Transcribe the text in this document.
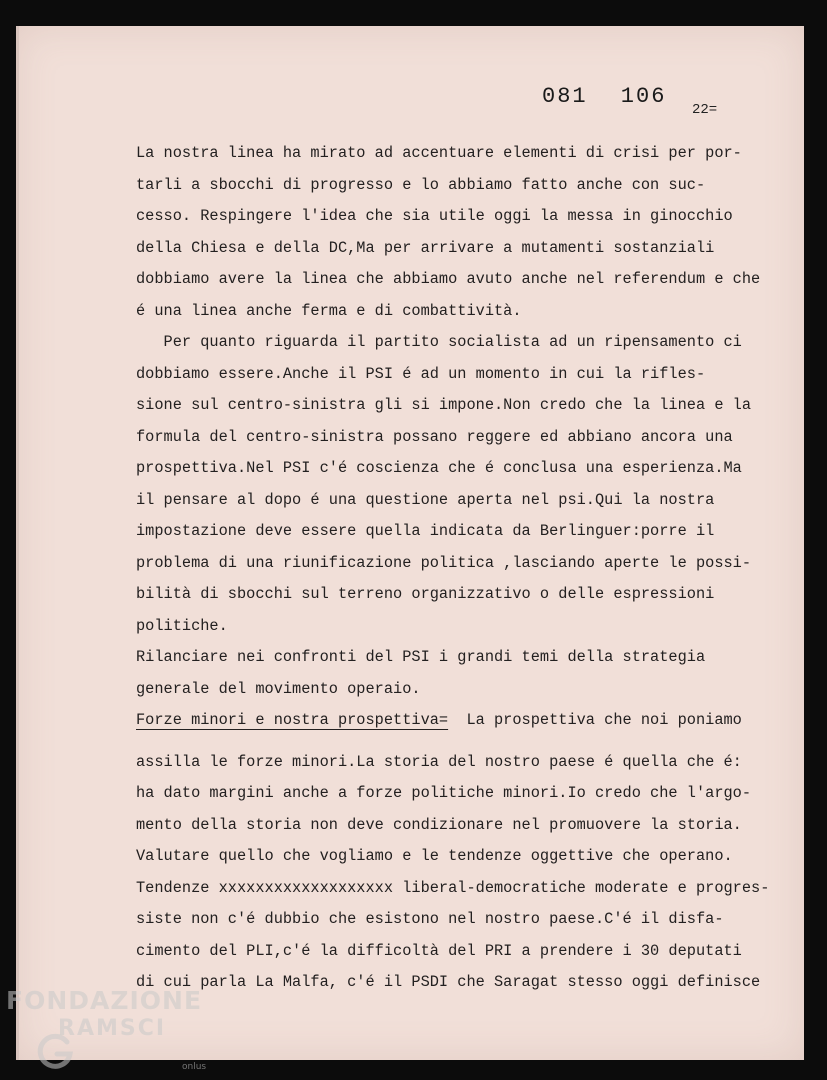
081 106
22=
La nostra linea ha mirato ad accentuare elementi di crisi per por-
tarli a sbocchi di progresso e lo abbiamo fatto anche con suc-
cesso. Respingere l'idea che sia utile oggi la messa in ginocchio
della Chiesa e della DC,Ma per arrivare a mutamenti sostanziali
dobbiamo avere la linea che abbiamo avuto anche nel referendum e che
é una linea anche ferma e di combattività.
Per quanto riguarda il partito socialista ad un ripensamento ci
dobbiamo essere.Anche il PSI é ad un momento in cui la rifles-
sione sul centro-sinistra gli si impone.Non credo che la linea e la
formula del centro-sinistra possano reggere ed abbiano ancora una
prospettiva.Nel PSI c'é coscienza che é conclusa una esperienza.Ma
il pensare al dopo é una questione aperta nel psi.Qui la nostra
impostazione deve essere quella indicata da Berlinguer:porre il
problema di una riunificazione politica ,lasciando aperte le possi-
bilità di sbocchi sul terreno organizzativo o delle espressioni
politiche.
Rilanciare nei confronti del PSI i grandi temi della strategia
generale del movimento operaio.
Forze minori e nostra prospettiva=  La prospettiva che noi poniamo
assilla le forze minori.La storia del nostro paese é quella che é:
ha dato margini anche a forze politiche minori.Io credo che l'argo-
mento della storia non deve condizionare nel promuovere la storia.
Valutare quello che vogliamo e le tendenze oggettive che operano.
Tendenze xxxxxxxxxxxxxxxxxxx liberal-democratiche moderate e progres-
siste non c'é dubbio che esistono nel nostro paese.C'é il disfa-
cimento del PLI,c'é la difficoltà del PRI a prendere i 30 deputati
di cui parla La Malfa, c'é il PSDI che Saragat stesso oggi definisce
FONDAZIONE
RAMSCI
onlus
